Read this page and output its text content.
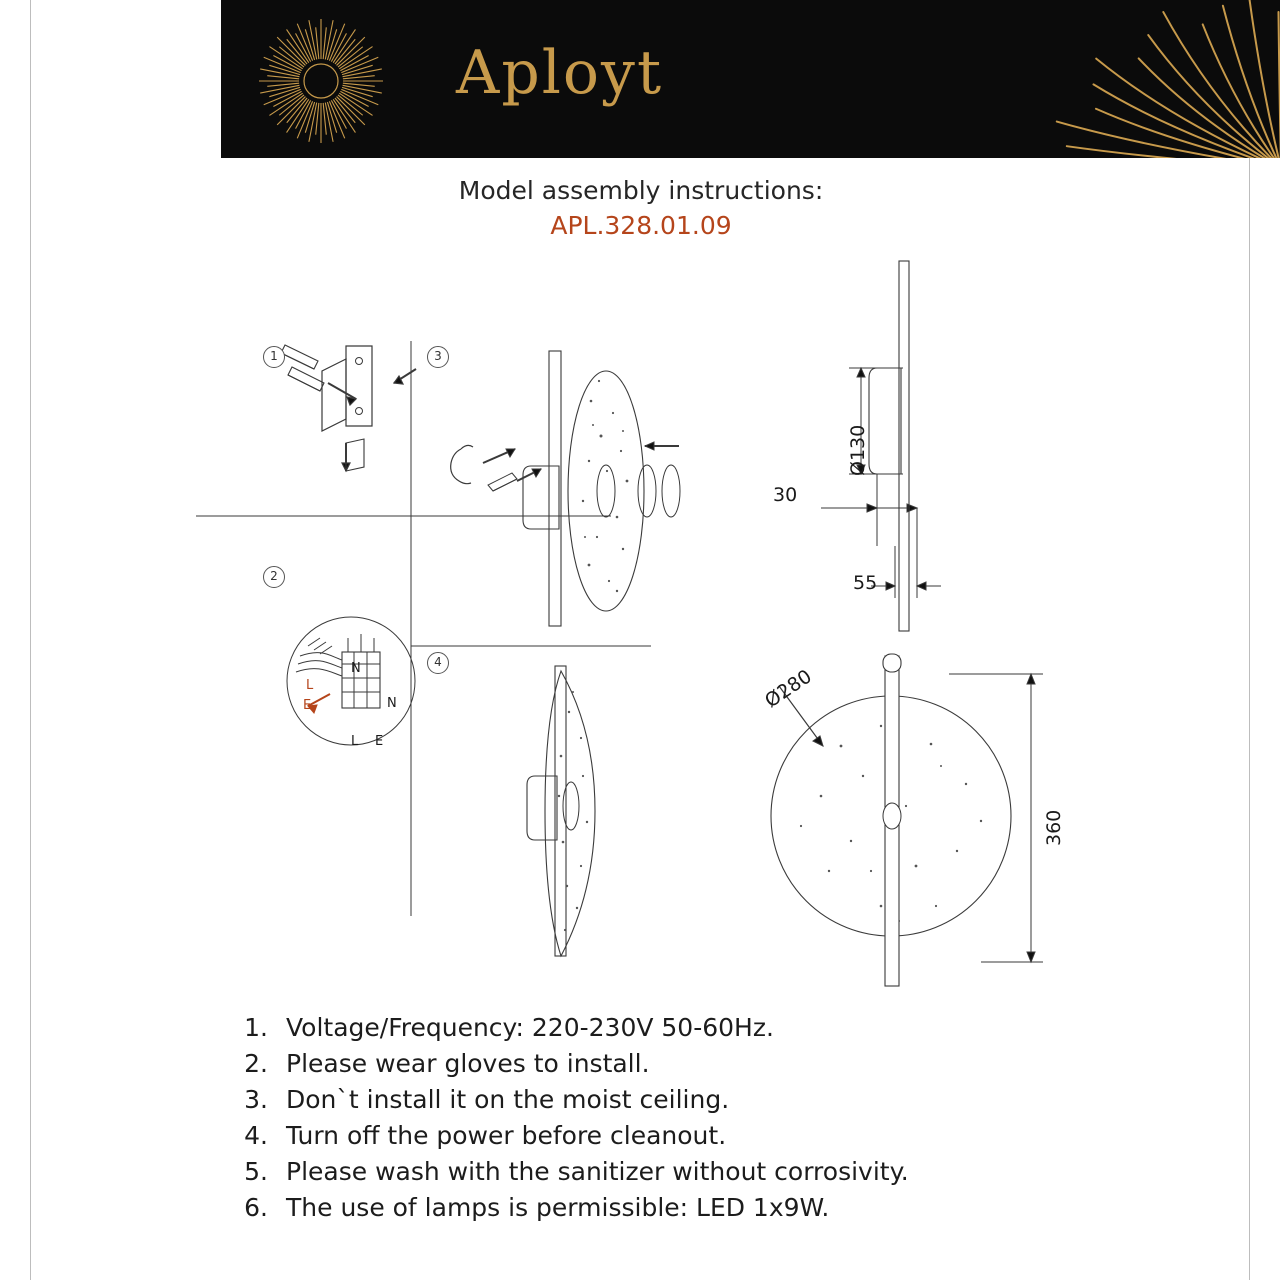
Aployt
Model assembly instructions:
APL.328.01.09
1
2
3
4
N
L
E
L E
N
Ø130
30
55
Ø280
360
1. Voltage/Frequency: 220-230V 50-60Hz.
2. Please wear gloves to install.
3. Don`t install it on the moist ceiling.
4. Turn off the power before cleanout.
5. Please wash with the sanitizer without corrosivity.
6. The use of lamps is permissible: LED 1x9W.
